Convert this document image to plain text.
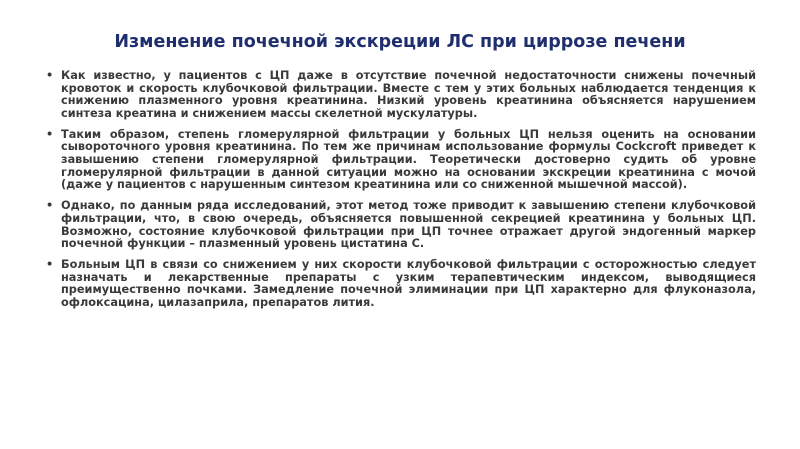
Изменение почечной экскреции ЛС при циррозе печени
• Как известно, у пациентов с ЦП даже в отсутствие почечной недостаточности снижены почечный кровоток и скорость клубочковой фильтрации. Вместе с тем у этих больных наблюдается тенденция к снижению плазменного уровня креатинина. Низкий уровень креатинина объясняется нарушением синтеза креатина и снижением массы скелетной мускулатуры.
• Таким образом, степень гломерулярной фильтрации у больных ЦП нельзя оценить на основании сывороточного уровня креатинина. По тем же причинам использование формулы Cockcroft приведет к завышению степени гломерулярной фильтрации. Теоретически достоверно судить об уровне гломерулярной фильтрации в данной ситуации можно на основании экскреции креатинина с мочой (даже у пациентов с нарушенным синтезом креатинина или со сниженной мышечной массой).
• Однако, по данным ряда исследований, этот метод тоже приводит к завышению степени клубочковой фильтрации, что, в свою очередь, объясняется повышенной секрецией креатинина у больных ЦП. Возможно, состояние клубочковой фильтрации при ЦП точнее отражает другой эндогенный маркер почечной функции – плазменный уровень цистатина С.
• Больным ЦП в связи со снижением у них скорости клубочковой фильтрации с осторожностью следует назначать и лекарственные препараты с узким терапевтическим индексом, выводящиеся преимущественно почками. Замедление почечной элиминации при ЦП характерно для флуконазола, офлоксацина, цилазаприла, препаратов лития.
